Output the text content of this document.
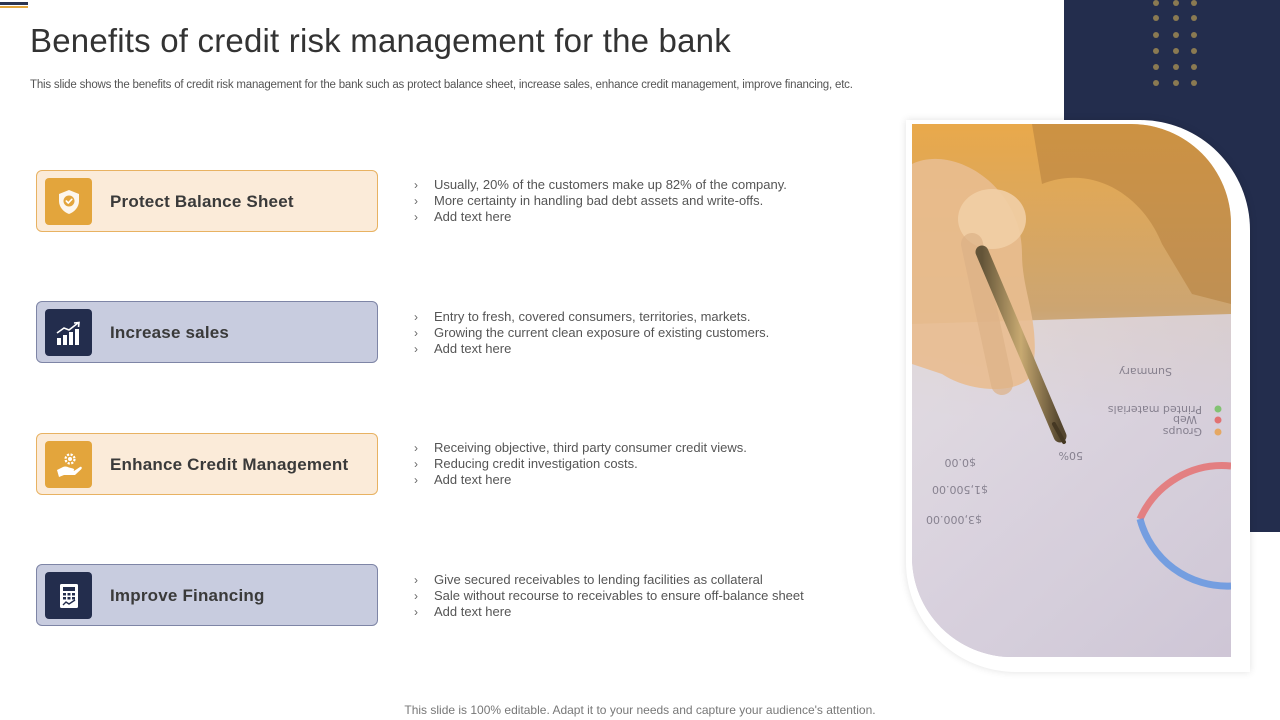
Benefits of credit risk management for the bank

This slide shows the benefits of credit risk management for the bank such as protect balance sheet, increase sales, enhance credit management, improve financing, etc.

Protect Balance Sheet
› Usually, 20% of the customers make up 82% of the company.
› More certainty in handling bad debt assets and write-offs.
› Add text here
Increase sales
› Entry to fresh, covered consumers, territories, markets.
› Growing the current clean exposure of existing customers.
› Add text here
Enhance Credit Management
› Receiving objective, third party consumer credit views.
› Reducing credit investigation costs.
› Add text here
Improve Financing
› Give secured receivables to lending facilities as collateral
› Sale without recourse to receivables to ensure off-balance sheet
› Add text here
$0.00
$1,500.00
$3,000.00
50%
Groups
Web
Printed materials
Summary

This slide is 100% editable. Adapt it to your needs and capture your audience's attention.
